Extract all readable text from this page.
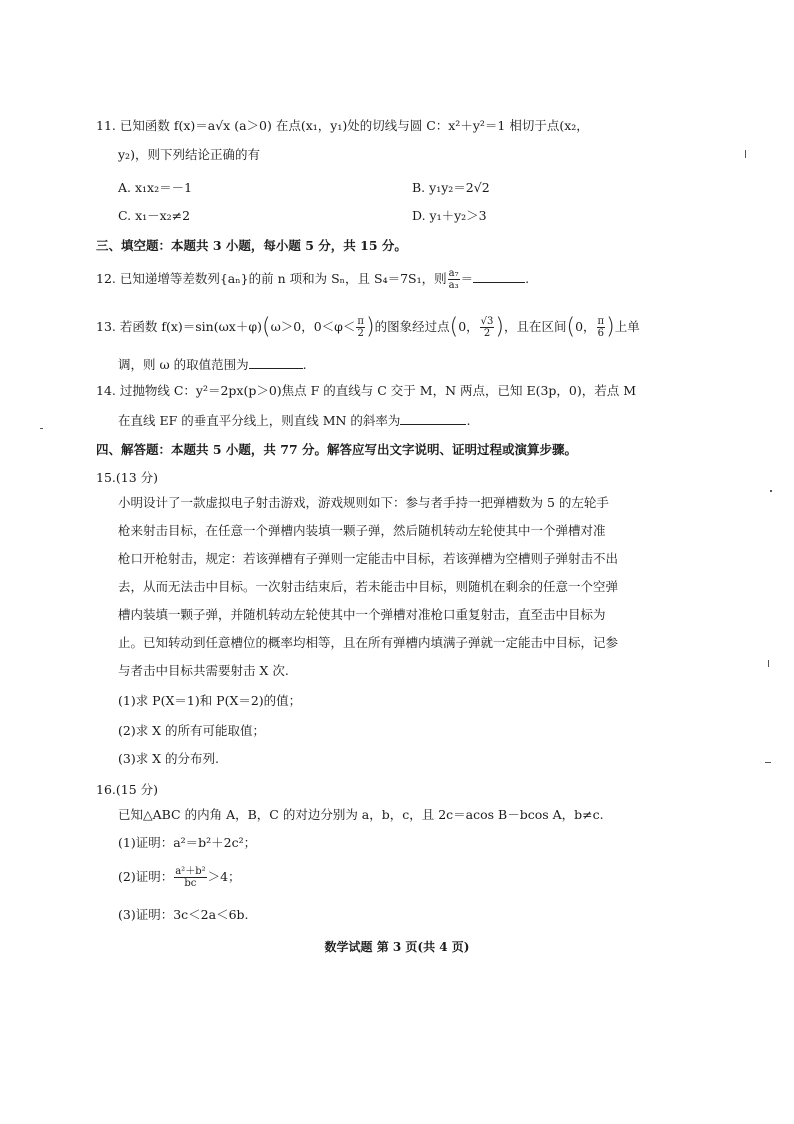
11. 已知函数 f(x)＝a√x (a＞0) 在点(x₁，y₁)处的切线与圆 C：x²＋y²＝1 相切于点(x₂，
y₂)，则下列结论正确的有
A. x₁x₂＝－1	B. y₁y₂＝2√2
C. x₁－x₂≠2	D. y₁＋y₂＞3
三、填空题：本题共 3 小题，每小题 5 分，共 15 分。
12. 已知递增等差数列{aₙ}的前 n 项和为 Sₙ，且 S₄＝7S₁，则 $\frac{\text{a₇}}{\text{a₃}}$ ＝	.
13. 若函数 f(x)＝sin(ωx＋φ)(ω＞0，$0<\varphi< \frac{\pi}{2}$ )的图象经过点(0， $\frac{√3}{2}$ )，且在区间(0， $\frac{\pi}{6}$ )上单
调，则 ω 的取值范围为	.
14. 过抛物线 C：y²＝2px(p＞0)焦点 F 的直线与 C 交于 M，N 两点，已知 E(3p，0)，若点 M
在直线 EF 的垂直平分线上，则直线 MN 的斜率为	.
四、解答题：本题共 5 小题，共 77 分。解答应写出文字说明、证明过程或演算步骤。
15.(13 分)
小明设计了一款虚拟电子射击游戏，游戏规则如下：参与者手持一把弹槽数为 5 的左轮手
枪来射击目标，在任意一个弹槽内装填一颗子弹，然后随机转动左轮使其中一个弹槽对准
枪口开枪射击，规定：若该弹槽有子弹则一定能击中目标，若该弹槽为空槽则子弹射击不出
去，从而无法击中目标。一次射击结束后，若未能击中目标，则随机在剩余的任意一个空弹
槽内装填一颗子弹，并随机转动左轮使其中一个弹槽对准枪口重复射击，直至击中目标为
止。已知转动到任意槽位的概率均相等，且在所有弹槽内填满子弹就一定能击中目标，记参
与者击中目标共需要射击 X 次.
(1)求 P(X＝1)和 P(X＝2)的值；
(2)求 X 的所有可能取值；
(3)求 X 的分布列.
16.(15 分)
已知△ABC 的内角 A，B，C 的对边分别为 a，b，c，且 2c＝acos B－bcos A，b≠c.
(1)证明：a²＝b²＋2c²；
(2)证明： $\frac{\text{a²＋b²}}{bc} >4$；
(3)证明：3c＜2a＜6b.
数学试题 第 3 页(共 4 页)
